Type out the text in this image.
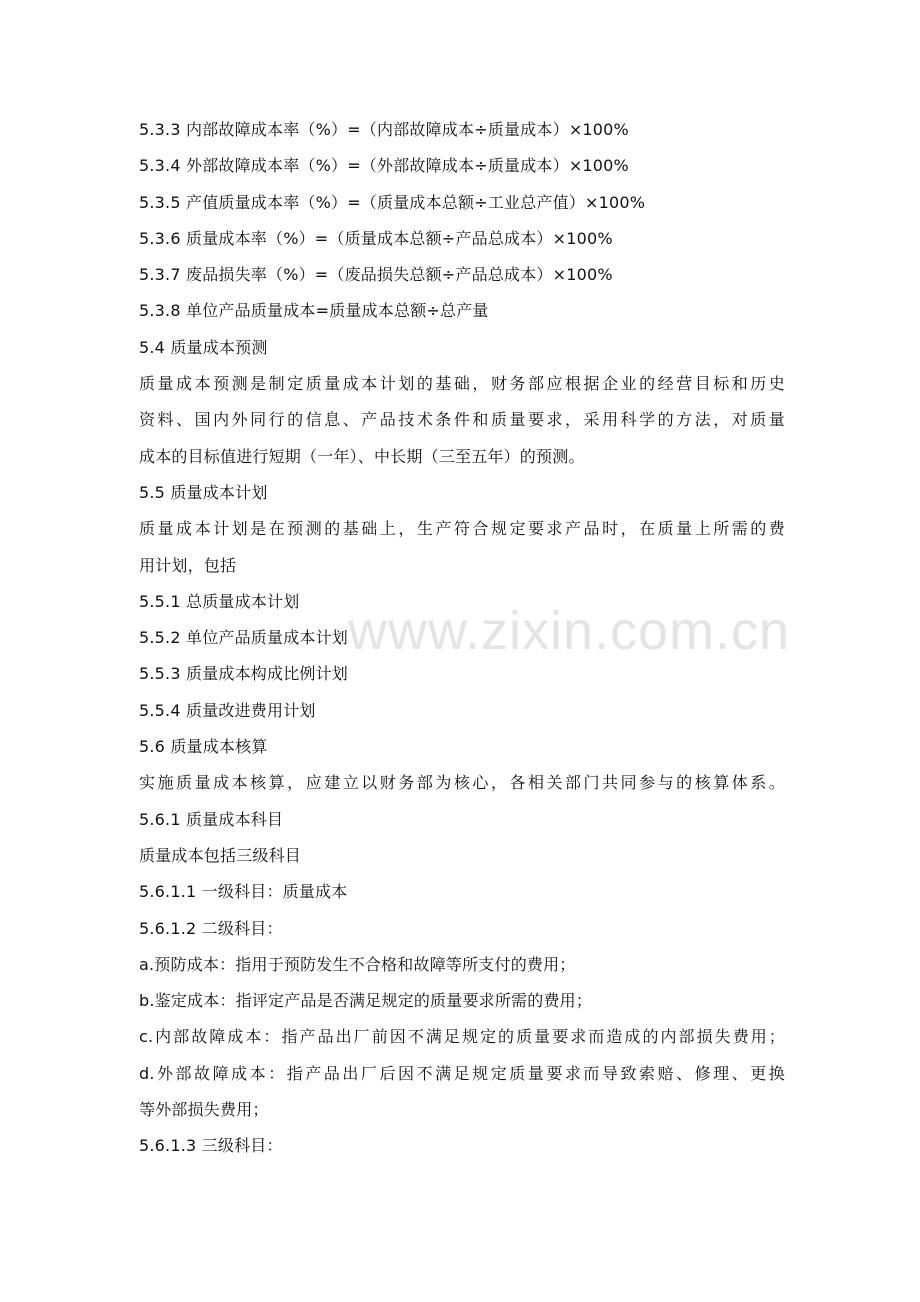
5.3.3 内部故障成本率（%）=（内部故障成本÷质量成本）×100%
5.3.4 外部故障成本率（%）=（外部故障成本÷质量成本）×100%
5.3.5 产值质量成本率（%）=（质量成本总额÷工业总产值）×100%
5.3.6 质量成本率（%）=（质量成本总额÷产品总成本）×100%
5.3.7 废品损失率（%）=（废品损失总额÷产品总成本）×100%
5.3.8 单位产品质量成本=质量成本总额÷总产量
5.4 质量成本预测
质量成本预测是制定质量成本计划的基础，财务部应根据企业的经营目标和历史
资料、国内外同行的信息、产品技术条件和质量要求，采用科学的方法，对质量
成本的目标值进行短期（一年）、中长期（三至五年）的预测。
5.5 质量成本计划
质量成本计划是在预测的基础上，生产符合规定要求产品时，在质量上所需的费
用计划，包括
5.5.1 总质量成本计划
5.5.2 单位产品质量成本计划
5.5.3 质量成本构成比例计划
5.5.4 质量改进费用计划
5.6 质量成本核算
实施质量成本核算，应建立以财务部为核心，各相关部门共同参与的核算体系。
5.6.1 质量成本科目
质量成本包括三级科目
5.6.1.1 一级科目：质量成本
5.6.1.2 二级科目：
a.预防成本：指用于预防发生不合格和故障等所支付的费用；
b.鉴定成本：指评定产品是否满足规定的质量要求所需的费用；
c.内部故障成本：指产品出厂前因不满足规定的质量要求而造成的内部损失费用；
d.外部故障成本：指产品出厂后因不满足规定质量要求而导致索赔、修理、更换
等外部损失费用；
5.6.1.3 三级科目：
www.zixin.com.cn
